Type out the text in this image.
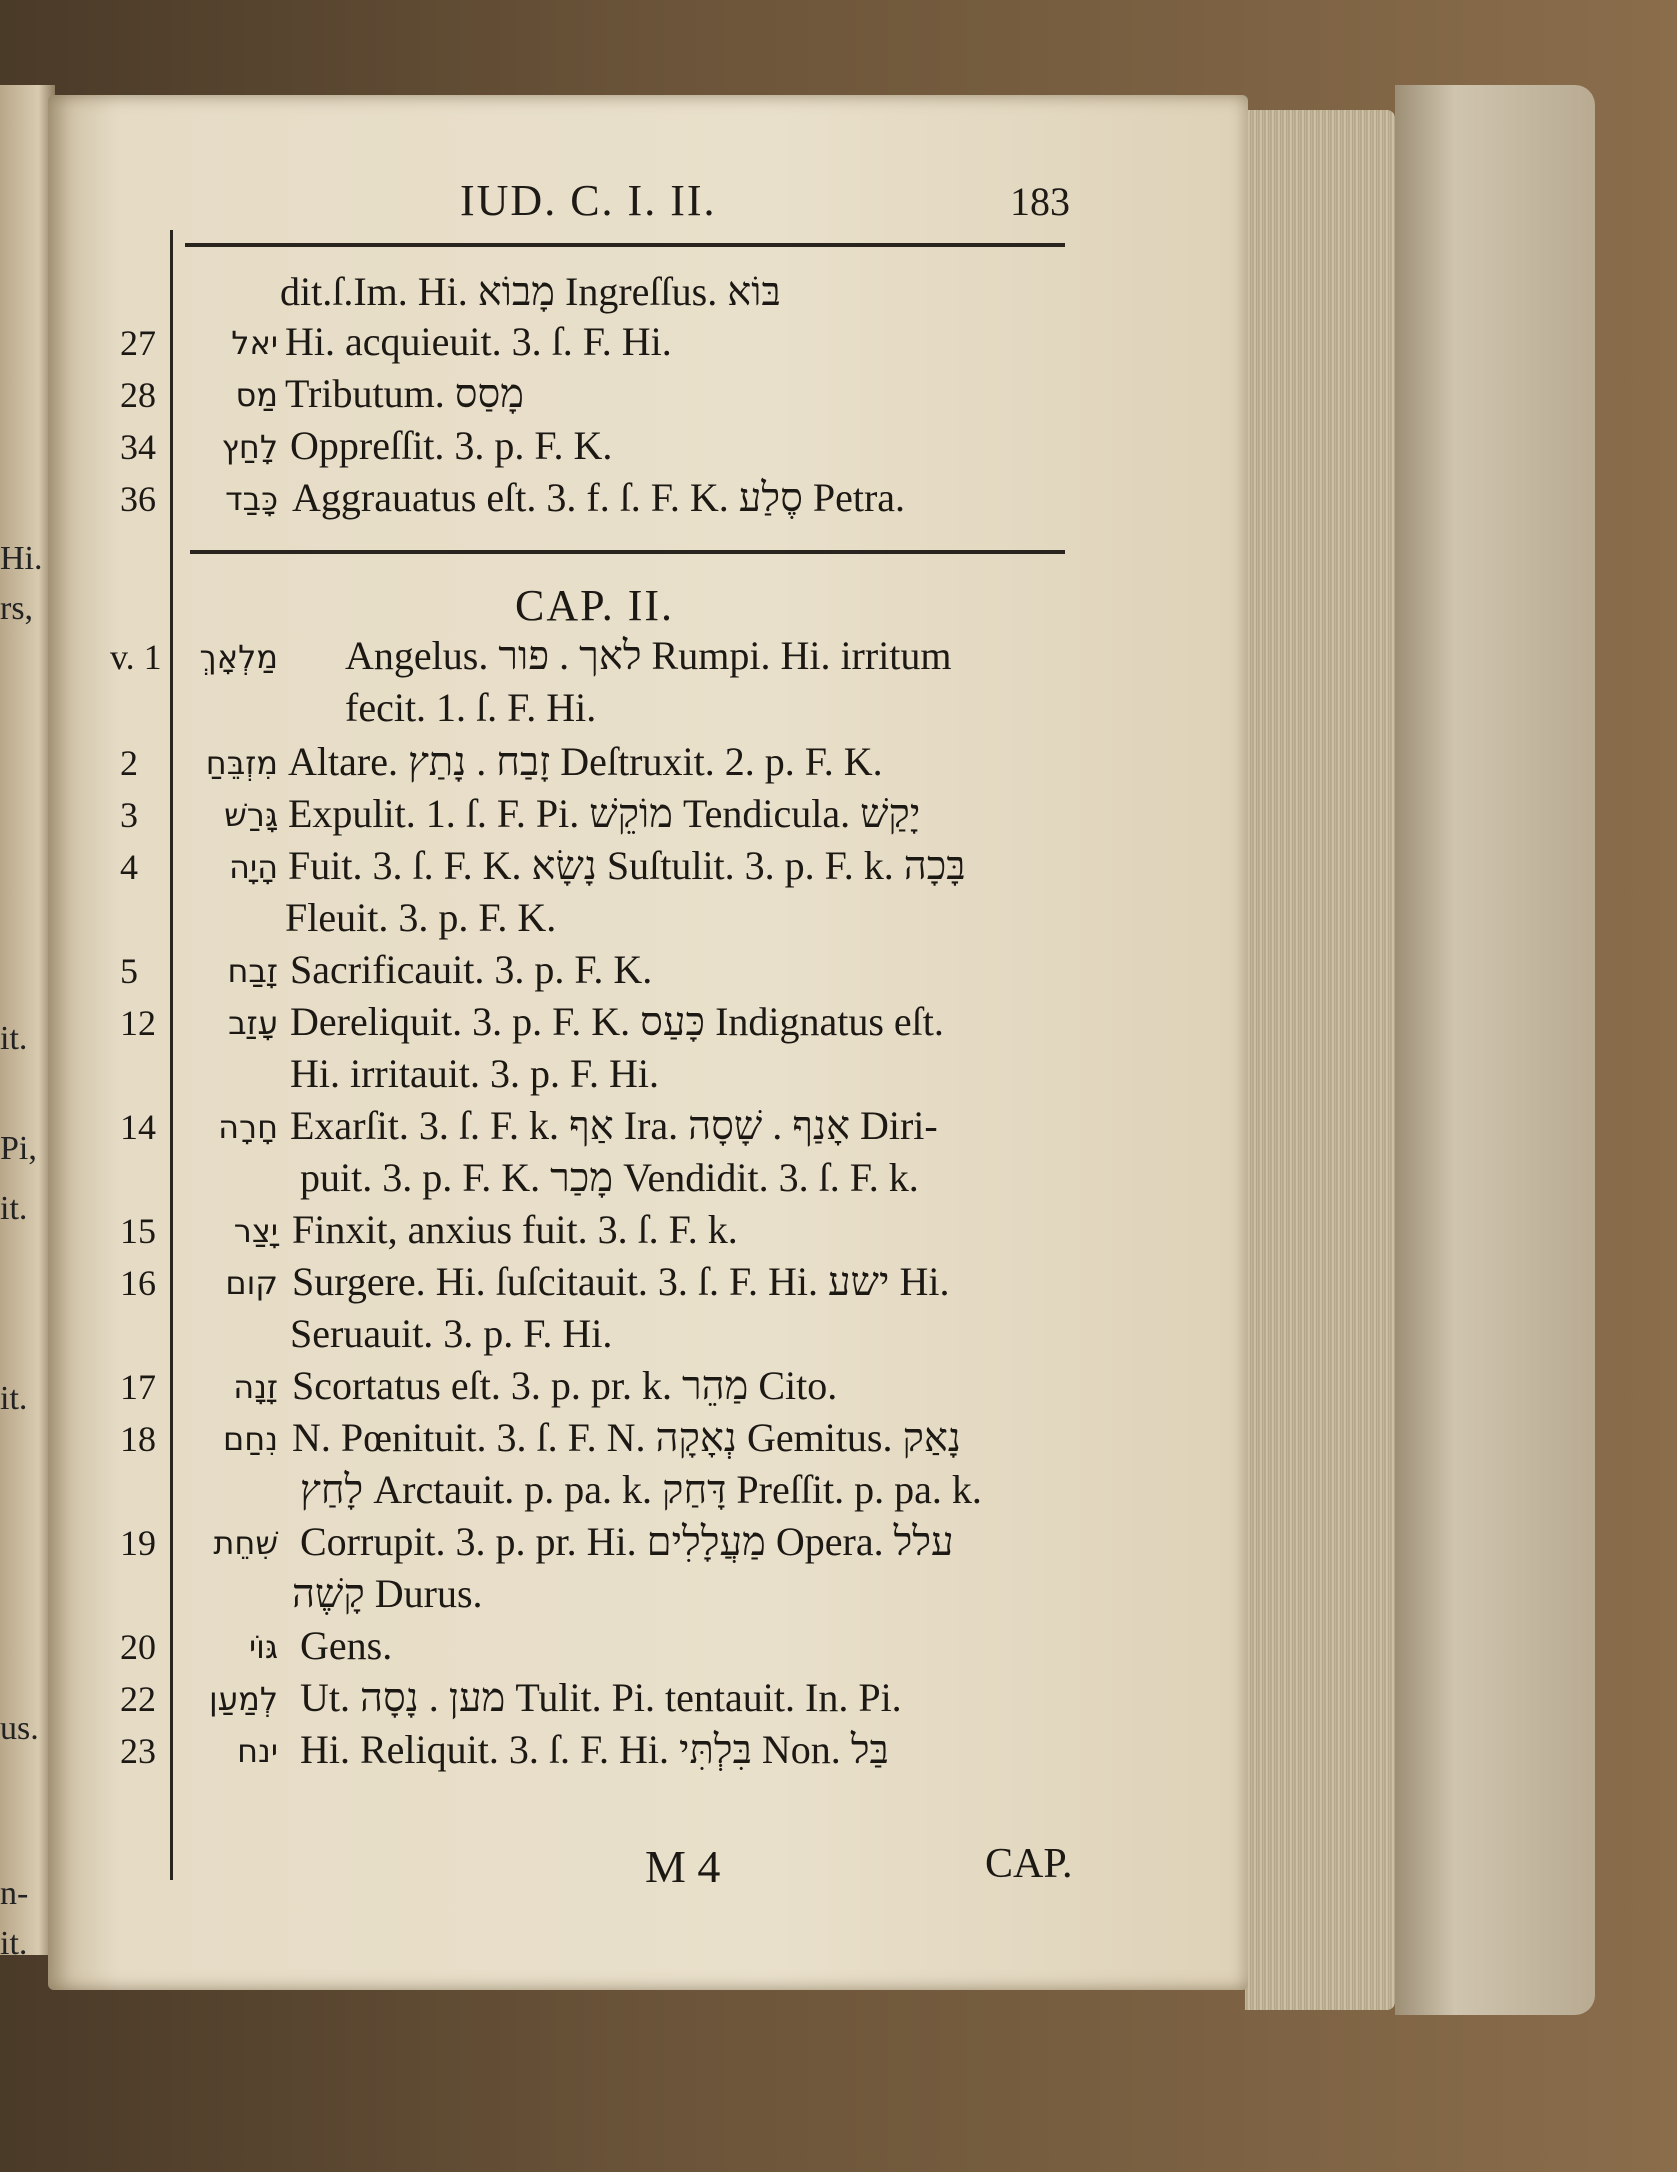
Hi.
rs,
it.
Pi,
it.
it.
us.
n-
it.
IUD. C. I. II.	183
dit.ſ.Im. Hi. מָבוֹא Ingreſſus. בּוֹא
27 יאל Hi. acquieuit. 3. ſ. F. Hi.
28 מַס Tributum. מָסַס
34 לָחַץ Oppreſſit. 3. p. F. K.
36 כָּבַד Aggrauatus eſt. 3. f. ſ. F. K. סֶלַע Petra.
CAP. II.
v. 1 מַלְאָךְ Angelus. לאך . פור Rumpi. Hi. irritum
fecit. 1. ſ. F. Hi.
2 מִזְבֵּחַ Altare. זָבַח . נָתַץ Deſtruxit. 2. p. F. K.
3	גָּרַשׁ Expulit. 1. ſ. F. Pi. מוֹקֵשׁ Tendicula. יָקַשׁ
4	הָיָה Fuit. 3. ſ. F. K. נָשָׂא Suſtulit. 3. p. F. k. בָּכָה
Fleuit. 3. p. F. K.
5	זָבַח Sacrificauit. 3. p. F. K.
12 עָזַב Dereliquit. 3. p. F. K. כָּעַס Indignatus eſt.
Hi. irritauit. 3. p. F. Hi.
14 חָרָה Exarſit. 3. ſ. F. k. אַף Ira. אָנַף . שָׁסָה Diri-
puit. 3. p. F. K. מָכַר Vendidit. 3. ſ. F. k.
15 יָצַר Finxit, anxius fuit. 3. ſ. F. k.
16 קום Surgere. Hi. ſuſcitauit. 3. ſ. F. Hi. ישע Hi.
Seruauit. 3. p. F. Hi.
17 זָנָה Scortatus eſt. 3. p. pr. k. מַהֵר Cito.
18 נִחַם N. Pœnituit. 3. ſ. F. N. נְאָקָה Gemitus. נָאַק
לָחַץ Arctauit. p. pa. k. דָּחַק Preſſit. p. pa. k.
19 שִׁחֵת Corrupit. 3. p. pr. Hi. מַעֲלָלִים Opera. עלל
קָשֶׁה Durus.
20	גּוֹי Gens.
22 לְמַעַן Ut. מען . נָסָה Tulit. Pi. tentauit. In. Pi.
23	ינח Hi. Reliquit. 3. ſ. F. Hi. בִּלְתִּי Non. בַּל
M 4	CAP.
